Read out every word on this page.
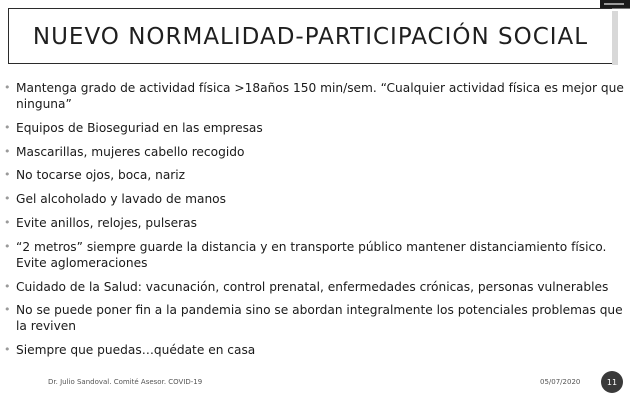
NUEVO NORMALIDAD-PARTICIPACIÓN SOCIAL
• Mantenga grado de actividad física >18años 150 min/sem. “Cualquier actividad física es mejor que ninguna”
• Equipos de Bioseguriad en las empresas
• Mascarillas, mujeres cabello recogido
• No tocarse ojos, boca, nariz
• Gel alcoholado y lavado de manos
• Evite anillos, relojes, pulseras
• “2 metros” siempre guarde la distancia y en transporte público mantener distanciamiento físico. Evite aglomeraciones
• Cuidado de la Salud: vacunación, control prenatal, enfermedades crónicas, personas vulnerables
• No se puede poner fin a la pandemia sino se abordan integralmente los potenciales problemas que la reviven
• Siempre que puedas…quédate en casa
Dr. Julio Sandoval. Comité Asesor. COVID-19	05/07/2020	11
